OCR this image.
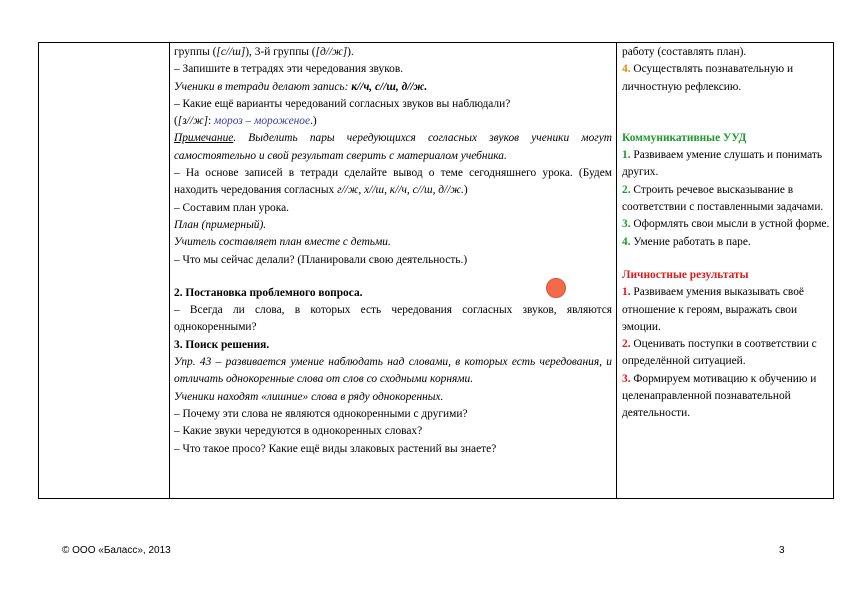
группы ([с//ш]), 3-й группы ([д//ж]).
– Запишите в тетрадях эти чередования звуков.
Ученики в тетради делают запись: к//ч, с//ш, д//ж.
– Какие ещё варианты чередований согласных звуков вы наблюдали?
([з//ж]: мороз – мороженое.)
Примечание. Выделить пары чередующихся согласных звуков ученики могут самостоятельно и свой результат сверить с материалом учебника.
– На основе записей в тетради сделайте вывод о теме сегодняшнего урока. (Будем находить чередования согласных г//ж, х//ш, к//ч, с//ш, д//ж.)
– Составим план урока.
План (примерный).
Учитель составляет план вместе с детьми.
– Что мы сейчас делали? (Планировали свою деятельность.)
2. Постановка проблемного вопроса.
– Всегда ли слова, в которых есть чередования согласных звуков, являются однокоренными?
3. Поиск решения.
Упр. 43 – развивается умение наблюдать над словами, в которых есть чередования, и отличать однокоренные слова от слов со сходными корнями.
Ученики находят «лишние» слова в ряду однокоренных.
– Почему эти слова не являются однокоренными с другими?
– Какие звуки чередуются в однокоренных словах?
– Что такое просо? Какие ещё виды злаковых растений вы знаете?
работу (составлять план).
4. Осуществлять познавательную и личностную рефлексию.
Коммуникативные УУД
1. Развиваем умение слушать и понимать других.
2. Строить речевое высказывание в соответствии с поставленными задачами.
3. Оформлять свои мысли в устной форме.
4. Умение работать в паре.
Личностные результаты
1. Развиваем умения выказывать своё отношение к героям, выражать свои эмоции.
2. Оценивать поступки в соответствии с определённой ситуацией.
3. Формируем мотивацию к обучению и целенаправленной познавательной деятельности.
© ООО «Баласс», 2013	3
